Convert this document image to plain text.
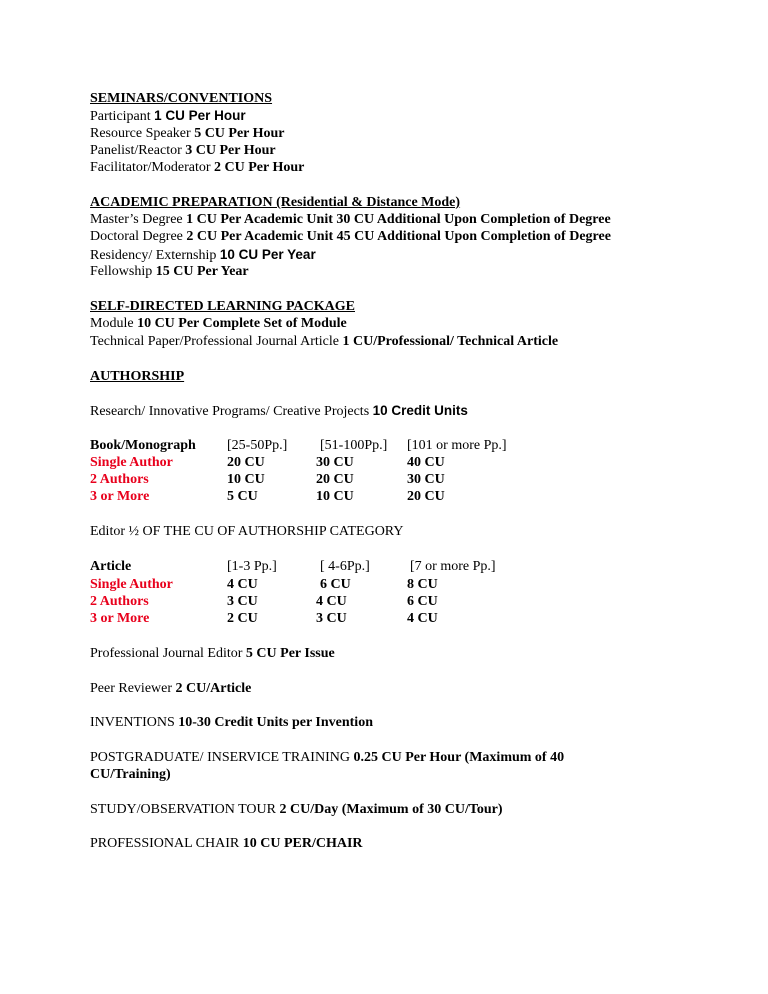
SEMINARS/CONVENTIONS
Participant 1 CU Per Hour
Resource Speaker 5 CU Per Hour
Panelist/Reactor 3 CU Per Hour
Facilitator/Moderator 2 CU Per Hour
ACADEMIC PREPARATION (Residential & Distance Mode)
Master’s Degree 1 CU Per Academic Unit 30 CU Additional Upon Completion of Degree
Doctoral Degree 2 CU Per Academic Unit 45 CU Additional Upon Completion of Degree
Residency/ Externship 10 CU Per Year
Fellowship 15 CU Per Year
SELF-DIRECTED LEARNING PACKAGE
Module 10 CU Per Complete Set of Module
Technical Paper/Professional Journal Article 1 CU/Professional/ Technical Article
AUTHORSHIP
Research/ Innovative Programs/ Creative Projects 10 Credit Units
Book/Monograph [25-50Pp.] [51-100Pp.] [101 or more Pp.]
Single Author	20 CU	30 CU	40 CU
2 Authors	10 CU	20 CU	30 CU
3 or More	5 CU	10 CU	20 CU
Editor ½ OF THE CU OF AUTHORSHIP CATEGORY
Article	[1-3 Pp.]	[ 4-6Pp.]	[7 or more Pp.]
Single Author	4 CU	6 CU	8 CU
2 Authors	3 CU	4 CU	6 CU
3 or More	2 CU	3 CU	4 CU
Professional Journal Editor 5 CU Per Issue
Peer Reviewer 2 CU/Article
INVENTIONS 10-30 Credit Units per Invention
POSTGRADUATE/ INSERVICE TRAINING 0.25 CU Per Hour (Maximum of 40
CU/Training)
STUDY/OBSERVATION TOUR 2 CU/Day (Maximum of 30 CU/Tour)
PROFESSIONAL CHAIR 10 CU PER/CHAIR
